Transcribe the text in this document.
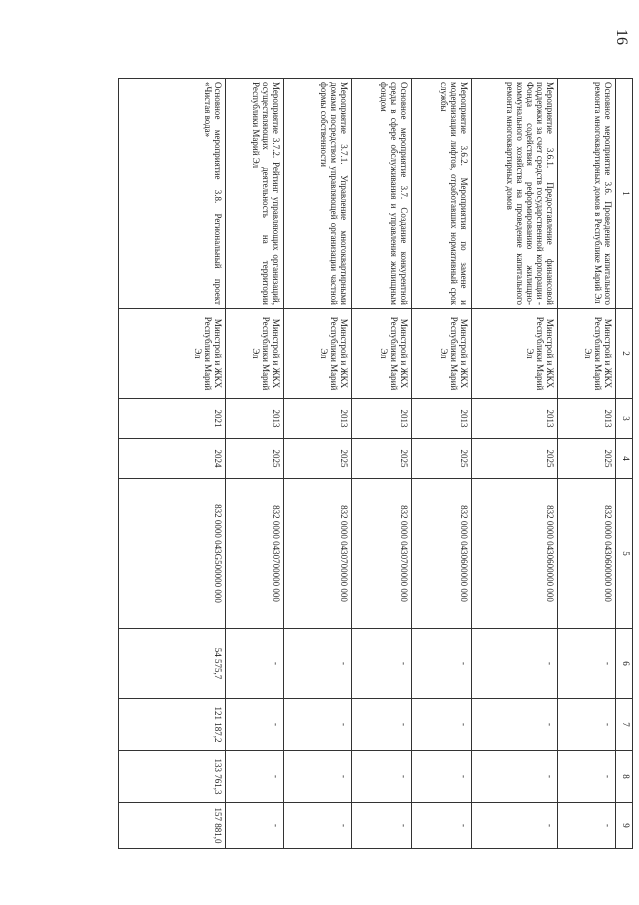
16
1	2	3	4	5	6	7	8	9
Основное мероприятие 3.6. Проведение капитального ремонта многоквартирных домов в Республике Марий Эл	Минстрой и ЖКХ Республики Марий Эл	2013	2025	832 0000 0430600000 000	-	-	-	-
Мероприятие 3.6.1. Предоставление финансовой поддержки за счет средств государственной корпорации - Фонда содействия реформированию жилищно-коммунального хозяйства на проведение капитального ремонта многоквартирных домов	Минстрой и ЖКХ Республики Марий Эл	2013	2025	832 0000 0430600000 000	-	-	-	-
Мероприятие 3.6.2. Мероприятия по замене и модернизации лифтов, отработавших нормативный срок службы	Минстрой и ЖКХ Республики Марий Эл	2013	2025	832 0000 0430600000 000	-	-	-	-
Основное мероприятие 3.7. Создание конкурентной среды в сфере обслуживания и управления жилищным фондом	Минстрой и ЖКХ Республики Марий Эл	2013	2025	832 0000 0430700000 000	-	-	-	-
Мероприятие 3.7.1. Управление многоквартирными домами посредством управляющей организации частной формы собственности	Минстрой и ЖКХ Республики Марий Эл	2013	2025	832 0000 0430700000 000	-	-	-	-
Мероприятие 3.7.2. Рейтинг управляющих организаций, осуществляющих деятельность на территории Республики Марий Эл	Минстрой и ЖКХ Республики Марий Эл	2013	2025	832 0000 0430700000 000	-	-	-	-
Основное мероприятие 3.8. Региональный проект «Чистая вода»	Минстрой и ЖКХ Республики Марий Эл	2021	2024	832 0000 043G500000 000	54 575,7	121 187,2	133 761,3	157 881,0
